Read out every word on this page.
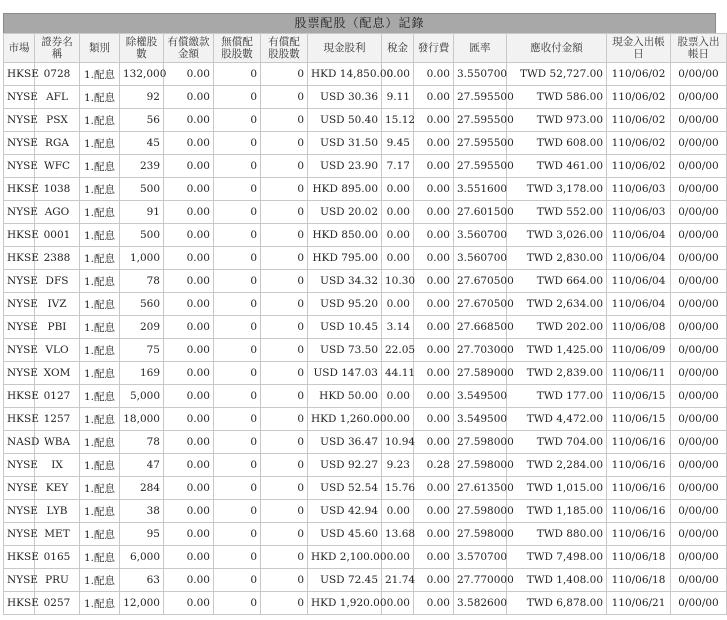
股票配股（配息）記錄
市場	證券名稱	類別	除權股數	有償繳款金額	無償配股股數	有償配股股數	現金股利	稅金	發行費	匯率	應收付金額	現金入出帳日	股票入出帳日
HKSE	0728	1.配息	132,000	0.00	0	0	HKD 14,850.00	0.00	0.00	3.550700	TWD 52,727.00	110/06/02	0/00/00
NYSE	AFL	1.配息	92	0.00	0	0	USD 30.36	9.11	0.00	27.595500	TWD 586.00	110/06/02	0/00/00
NYSE	PSX	1.配息	56	0.00	0	0	USD 50.40	15.12	0.00	27.595500	TWD 973.00	110/06/02	0/00/00
NYSE	RGA	1.配息	45	0.00	0	0	USD 31.50	9.45	0.00	27.595500	TWD 608.00	110/06/02	0/00/00
NYSE	WFC	1.配息	239	0.00	0	0	USD 23.90	7.17	0.00	27.595500	TWD 461.00	110/06/02	0/00/00
HKSE	1038	1.配息	500	0.00	0	0	HKD 895.00	0.00	0.00	3.551600	TWD 3,178.00	110/06/03	0/00/00
NYSE	AGO	1.配息	91	0.00	0	0	USD 20.02	0.00	0.00	27.601500	TWD 552.00	110/06/03	0/00/00
HKSE	0001	1.配息	500	0.00	0	0	HKD 850.00	0.00	0.00	3.560700	TWD 3,026.00	110/06/04	0/00/00
HKSE	2388	1.配息	1,000	0.00	0	0	HKD 795.00	0.00	0.00	3.560700	TWD 2,830.00	110/06/04	0/00/00
NYSE	DFS	1.配息	78	0.00	0	0	USD 34.32	10.30	0.00	27.670500	TWD 664.00	110/06/04	0/00/00
NYSE	IVZ	1.配息	560	0.00	0	0	USD 95.20	0.00	0.00	27.670500	TWD 2,634.00	110/06/04	0/00/00
NYSE	PBI	1.配息	209	0.00	0	0	USD 10.45	3.14	0.00	27.668500	TWD 202.00	110/06/08	0/00/00
NYSE	VLO	1.配息	75	0.00	0	0	USD 73.50	22.05	0.00	27.703000	TWD 1,425.00	110/06/09	0/00/00
NYSE	XOM	1.配息	169	0.00	0	0	USD 147.03	44.11	0.00	27.589000	TWD 2,839.00	110/06/11	0/00/00
HKSE	0127	1.配息	5,000	0.00	0	0	HKD 50.00	0.00	0.00	3.549500	TWD 177.00	110/06/15	0/00/00
HKSE	1257	1.配息	18,000	0.00	0	0	HKD 1,260.00	0.00	0.00	3.549500	TWD 4,472.00	110/06/15	0/00/00
NASD	WBA	1.配息	78	0.00	0	0	USD 36.47	10.94	0.00	27.598000	TWD 704.00	110/06/16	0/00/00
NYSE	IX	1.配息	47	0.00	0	0	USD 92.27	9.23	0.28	27.598000	TWD 2,284.00	110/06/16	0/00/00
NYSE	KEY	1.配息	284	0.00	0	0	USD 52.54	15.76	0.00	27.613500	TWD 1,015.00	110/06/16	0/00/00
NYSE	LYB	1.配息	38	0.00	0	0	USD 42.94	0.00	0.00	27.598000	TWD 1,185.00	110/06/16	0/00/00
NYSE	MET	1.配息	95	0.00	0	0	USD 45.60	13.68	0.00	27.598000	TWD 880.00	110/06/16	0/00/00
HKSE	0165	1.配息	6,000	0.00	0	0	HKD 2,100.00	0.00	0.00	3.570700	TWD 7,498.00	110/06/18	0/00/00
NYSE	PRU	1.配息	63	0.00	0	0	USD 72.45	21.74	0.00	27.770000	TWD 1,408.00	110/06/18	0/00/00
HKSE	0257	1.配息	12,000	0.00	0	0	HKD 1,920.00	0.00	0.00	3.582600	TWD 6,878.00	110/06/21	0/00/00
